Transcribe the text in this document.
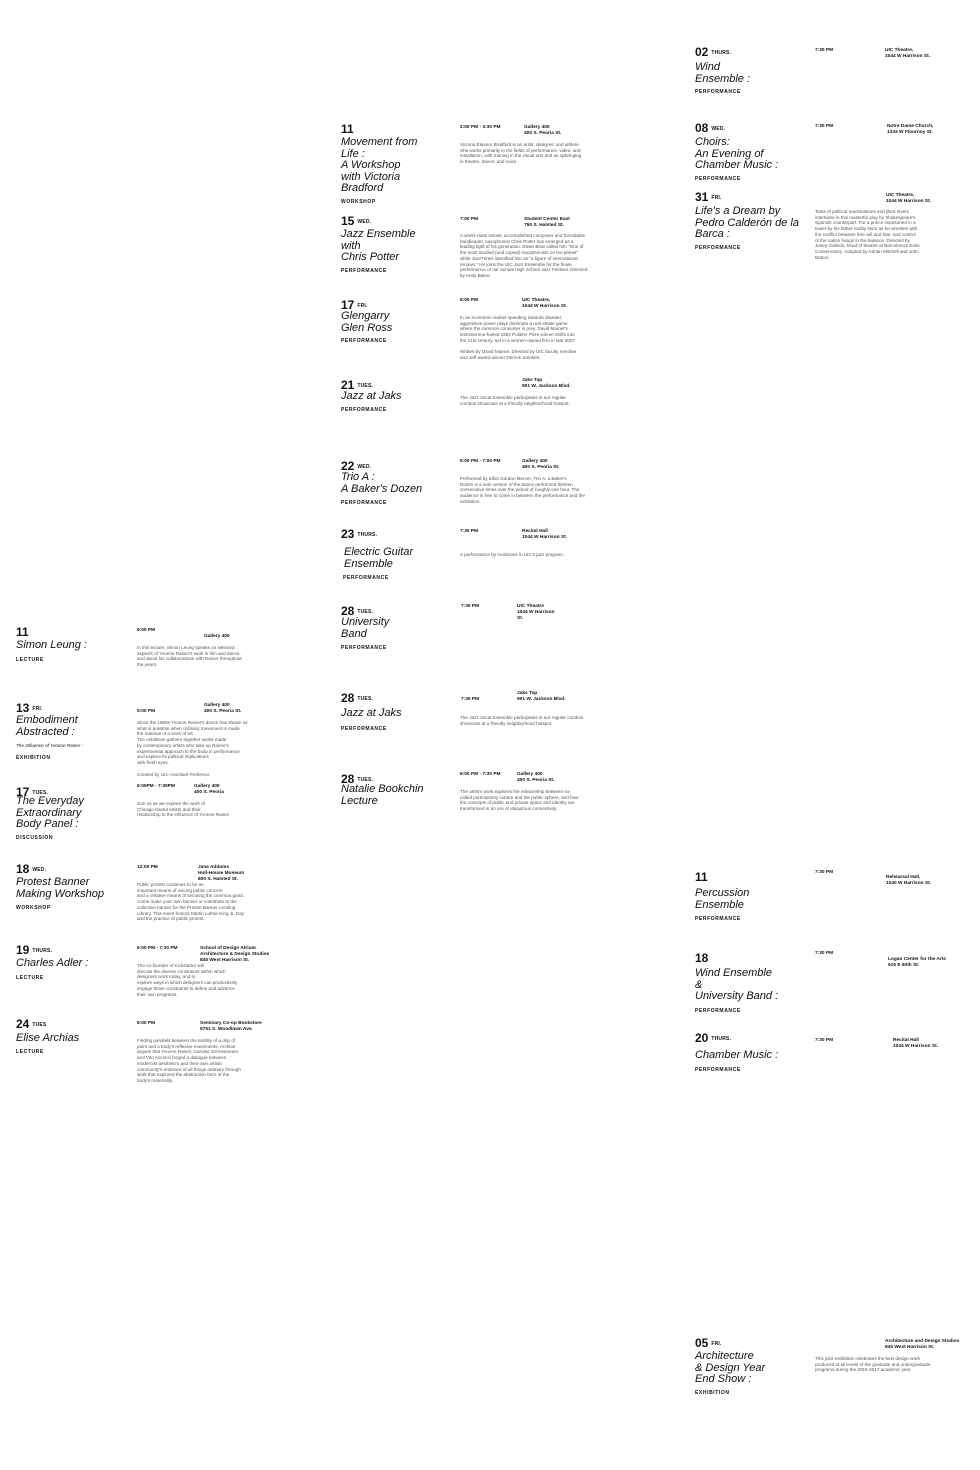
02 THURS.
Wind
Ensemble :
PERFORMANCE
7:30 PM	UIC Theatre,
1044 W Harrison St.
11
Movement from
Life :
A Workshop
with Victoria
Bradford
WORKSHOP
2:00 PM - 3:30 PM	Gallery 400
400 S. Peoria St.
Victoria Eleanor Bradford is an artist, designer, and athlete.
She works primarily in the fields of performance, video, and
installation, with training in the visual arts and an upbringing
in theatre, dance, and voice.
08 WED.
Choirs:
An Evening of
Chamber Music :
PERFORMANCE
7:30 PM	Notre Dame Church,
1334 W Flournoy St.
31 FRI.
Life's a Dream by
Pedro Calderón de la
Barca :
PERFORMANCE
UIC Theatre,
1044 W Harrison St.
Tales of political machinations and jilted lovers
intertwine in this masterful play by Shakespeare's
Spanish counterpart. For a prince imprisoned in a
tower by his father reality blurs as he wrestles with
the conflict between free will and fate, and control
of the nation hangs in the balance. Directed by
Josep Galindo, head of theatre at Barcelona's Eolia
Conservatory. Adapted by Adrian Mitchell and John
Barton.
15 WED.
Jazz Ensemble
with
Chris Potter
PERFORMANCE
7:00 PM	Student Center East
750 S. Halsted St.
A world-class soloist, accomplished composer and formidable
bandleader, saxophonist Chris Potter has emerged as a
leading light of his generation. Down Beat called him "One of
the most studied (and copied) saxophonists on the planet"
while JazzTimes identified him as "a figure of international
renown." He joins the UIC Jazz Ensemble for the finale
performance of our annual High School Jazz Festival. Directed
by Andy Baker.
17 FRI.
Glengarry
Glen Ross
PERFORMANCE
8:00 PM	UIC Theatre,
1044 W Harrison St.
In an economic market speeding towards disaster,
aggressive power plays dominate a real estate game
where the common consumer is prey. David Mamet's
testosterone-fueled 1984 Pulitzer Prize winner shifts into
the 21st century, set in a women-owned firm in late 2007.

Written by David Mamet. Directed by UIC faculty member
and Jeff award-winner Derrick Sanders.
21 TUES.
Jazz at Jaks
PERFORMANCE
Jaks Tap
901 W. Jackson Blvd.
The Jazz Vocal Ensemble participates in our regular
combos showcase at a friendly neighborhood hotspot.
22 WED.
Trio A :
A Baker's Dozen
PERFORMANCE
6:00 PM - 7:00 PM	Gallery 400
400 S. Peoria St.
Performed by Elliot Gordon Mercer, Trio A: a Baker's
Dozen is a solo version of the dance performed thirteen
consecutive times over the period of roughly one hour. The
audience is free to come in between the performance and the
exhibition.
23 THURS.
Electric Guitar
Ensemble
PERFORMANCE
7:30 PM	Recital Hall
1044 W Harrison St.
A performance by musicians in UIC's jazz program.
28 TUES.
University
Band
PERFORMANCE
7:30 PM	UIC Theatre
1044 W Harrison
St.
28 TUES.
Jazz at Jaks
PERFORMANCE
7:30 PM
Jaks Tap
901 W. Jackson Blvd.
The Jazz Vocal Ensemble participates in our regular combos
showcase at a friendly neighborhood hotspot.
28 TUES.
Natalie Bookchin
Lecture
6:00 PM - 7:30 PM	Gallery 400
400 S. Peoria St.
The artist's work explores the relationship between so-
called participatory culture and the public sphere, and how
the concepts of public and private space and identity are
transformed in an era of ubiquitous connectivity.
11
Simon Leung :
LECTURE
6:00 PM
Gallery 400
In this lecture, Simon Leung speaks on selected
aspects of Yvonne Rainer's work in film and dance,
and about his collaborations with Rainer throughout
the years.
13 FRI.
Embodiment
Abstracted :
The Influence of Yvonne Rainer :
EXHIBITION
5:00 PM
Gallery 400
400 S. Peoria St.
Since the 1960s Yvonne Rainer's dance has shown us
what is possible when ordinary movement is made
the material of a work of art.
The exhibition gathers together works made
by contemporary artists who take up Rainer's
experimental approach to the body in performance
and explore its political implications
with fresh eyes.
Curated by UIC Assistant Professor,
17 TUES.
The Everyday
Extraordinary
Body Panel :
DISCUSSION
6:00PM - 7:30PM	Gallery 400
400 S. Peoria
Join us as we explore the work of
Chicago-based artists and their
relationship to the influence of Yvonne Rainer
18 WED.
Protest Banner
Making Workshop
WORKSHOP
12:00 PM	Jane Addams
Hull-House Museum
800 S. Halsted St.
Public protest continues to be an
important means of voicing public concern
and a creative means of securing the common good.
Come make your own banner or contribute to the
collective banner for the Protest Banner Lending
Library. This event honors Martin Luther King Jr. Day
and the practice of public protest.
19 THURS.
Charles Adler :
LECTURE
6:00 PM - 7:30 PM	School of Design Atrium
Architecture & Design Studios
845 West Harrison St.
The co-founder of Kickstarter will
discuss the diverse constraints within which
designers work today, and to
explore ways in which designers can productively
engage those constraints to define and advance
their own programs.
24 TUES
Elise Archias
LECTURE
6:00 PM	Seminary Co-op Bookstore
5751 S. Woodlawn Ave.
Finding parallels between the tactility of a drip of
paint and a body's reflexive movements, Archias
argues that Yvonne Rainer, Carolee Schneemann,
and Vito Acconci forged a dialogue between
modernist aesthetics and their own artistic
community's embrace of all things ordinary through
work that explored the abstraction born of the
body's materiality.
11
Percussion
Ensemble
PERFORMANCE
7:30 PM
Rehearsal Hall,
1040 W Harrison St.
18
Wind Ensemble
&
University Band :
PERFORMANCE
7:30 PM
Logan Center for the Arts
915 E 60th St.
20 THURS.
Chamber Music :
PERFORMANCE
7:30 PM	Recital Hall
1044 W Harrison St.
05 FRI.
Architecture
& Design Year
End Show :
EXHIBITION
Architecture and Design Studios
845 West Harrison St.
This joint exhibition celebrates the best design work
produced at all levels of the graduate and undergraduate
programs during the 2016-2017 academic year.
